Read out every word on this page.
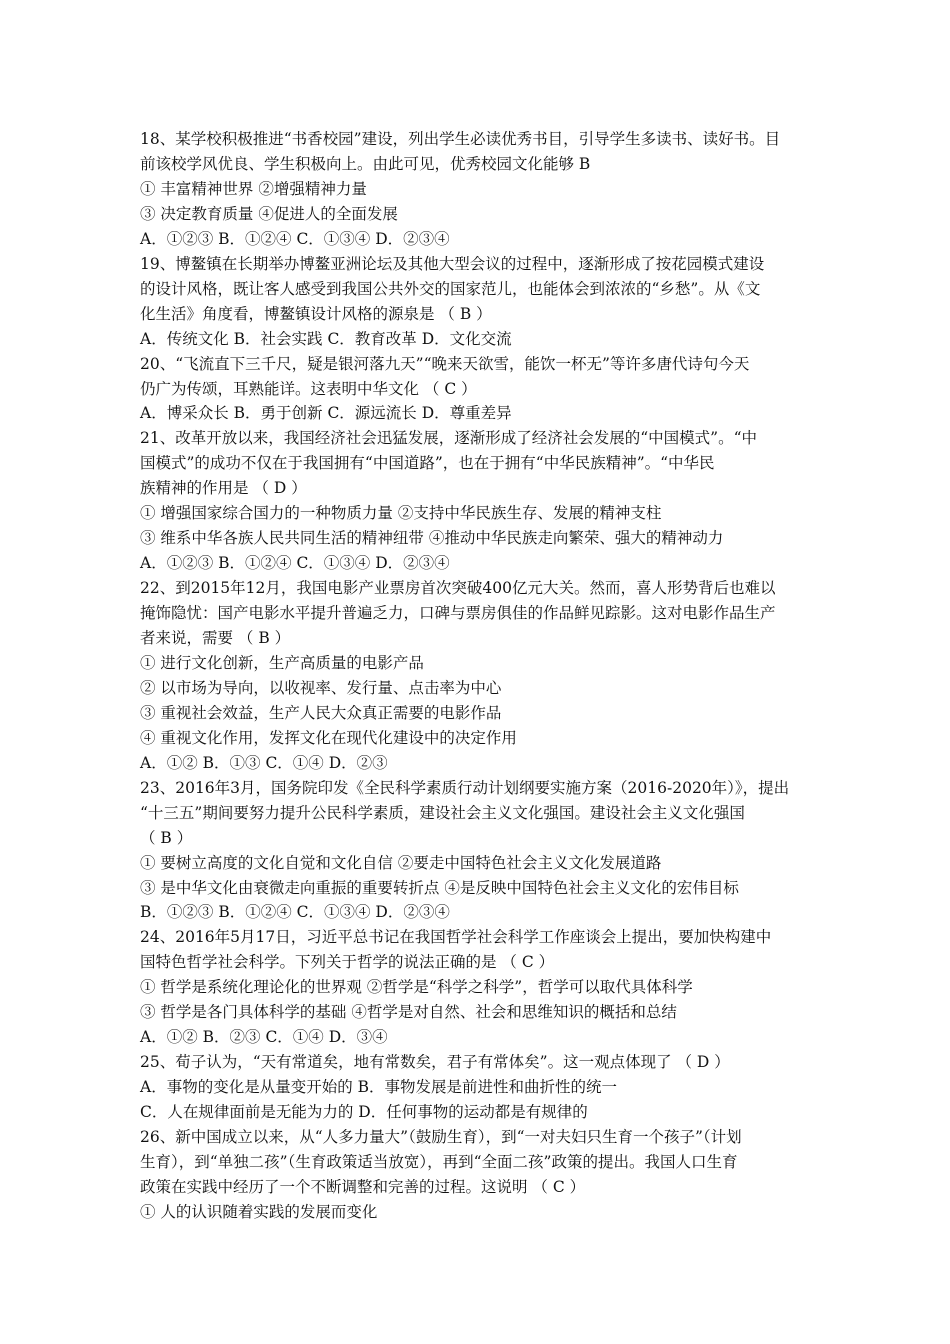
18、某学校积极推进“书香校园”建设，列出学生必读优秀书目，引导学生多读书、读好书。目
前该校学风优良、学生积极向上。由此可见，优秀校园文化能够 B
① 丰富精神世界 ②增强精神力量
③ 决定教育质量 ④促进人的全面发展
A．①②③ B．①②④ C．①③④ D．②③④
19、博鳌镇在长期举办博鳌亚洲论坛及其他大型会议的过程中，逐渐形成了按花园模式建设
的设计风格，既让客人感受到我国公共外交的国家范儿，也能体会到浓浓的“乡愁”。从《文
化生活》角度看，博鳌镇设计风格的源泉是 （ B ）
A．传统文化 B．社会实践 C．教育改革 D．文化交流
20、“飞流直下三千尺，疑是银河落九天”“晚来天欲雪，能饮一杯无”等许多唐代诗句今天
仍广为传颂，耳熟能详。这表明中华文化 （ C ）
A．博采众长 B．勇于创新 C．源远流长 D．尊重差异
21、改革开放以来，我国经济社会迅猛发展，逐渐形成了经济社会发展的“中国模式”。“中
国模式”的成功不仅在于我国拥有“中国道路”，也在于拥有“中华民族精神”。“中华民
族精神的作用是 （ D ）
① 增强国家综合国力的一种物质力量 ②支持中华民族生存、发展的精神支柱
③ 维系中华各族人民共同生活的精神纽带 ④推动中华民族走向繁荣、强大的精神动力
A．①②③ B．①②④ C．①③④ D．②③④
22、到2015年12月，我国电影产业票房首次突破400亿元大关。然而，喜人形势背后也难以
掩饰隐忧：国产电影水平提升普遍乏力，口碑与票房俱佳的作品鲜见踪影。这对电影作品生产
者来说，需要 （ B ）
① 进行文化创新，生产高质量的电影产品
② 以市场为导向，以收视率、发行量、点击率为中心
③ 重视社会效益，生产人民大众真正需要的电影作品
④ 重视文化作用，发挥文化在现代化建设中的决定作用
A．①② B．①③ C．①④ D．②③
23、2016年3月，国务院印发《全民科学素质行动计划纲要实施方案（2016-2020年）》，提出
“十三五”期间要努力提升公民科学素质，建设社会主义文化强国。建设社会主义文化强国
（ B ）
① 要树立高度的文化自觉和文化自信 ②要走中国特色社会主义文化发展道路
③ 是中华文化由衰微走向重振的重要转折点 ④是反映中国特色社会主义文化的宏伟目标
B．①②③ B．①②④ C．①③④ D．②③④
24、2016年5月17日，习近平总书记在我国哲学社会科学工作座谈会上提出，要加快构建中
国特色哲学社会科学。下列关于哲学的说法正确的是 （ C ）
① 哲学是系统化理论化的世界观 ②哲学是“科学之科学”，哲学可以取代具体科学
③ 哲学是各门具体科学的基础 ④哲学是对自然、社会和思维知识的概括和总结
A．①② B．②③ C．①④ D．③④
25、荀子认为，“天有常道矣，地有常数矣，君子有常体矣”。这一观点体现了 （ D ）
A．事物的变化是从量变开始的 B．事物发展是前进性和曲折性的统一
C．人在规律面前是无能为力的 D．任何事物的运动都是有规律的
26、新中国成立以来，从“人多力量大”（鼓励生育），到“一对夫妇只生育一个孩子”（计划
生育），到“单独二孩”（生育政策适当放宽），再到“全面二孩”政策的提出。我国人口生育
政策在实践中经历了一个不断调整和完善的过程。这说明 （ C ）
① 人的认识随着实践的发展而变化
